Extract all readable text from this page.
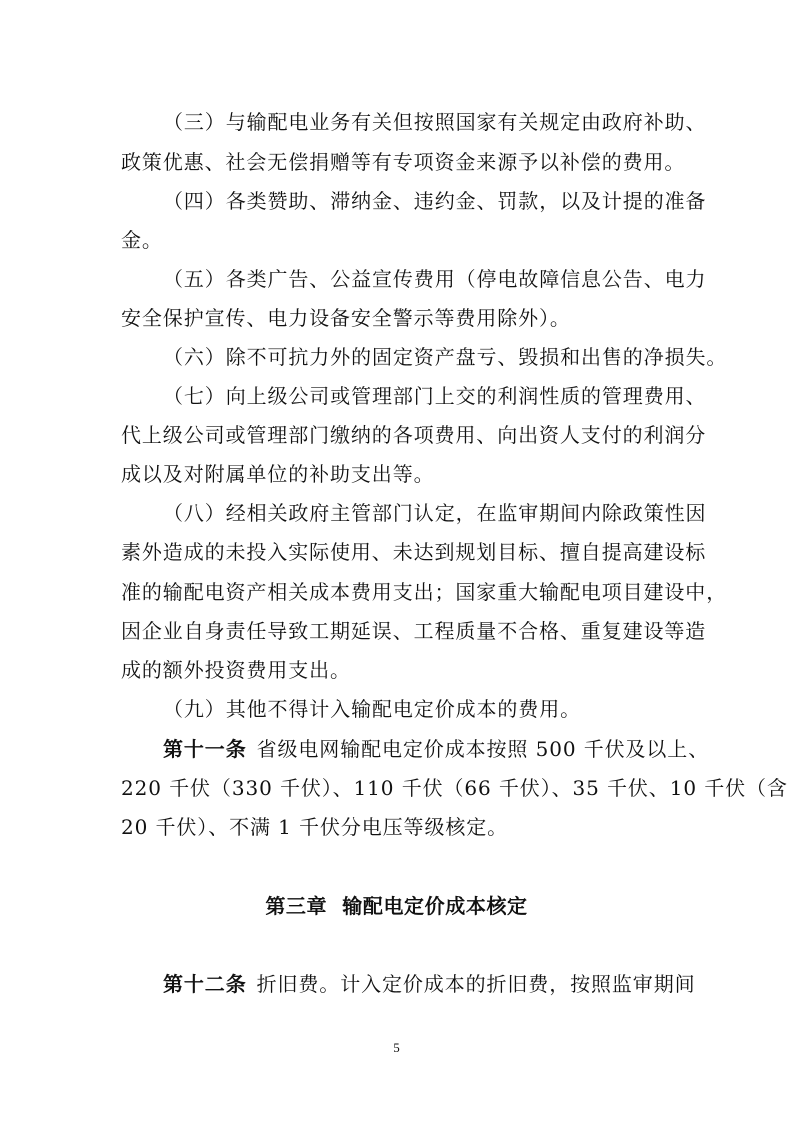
（三）与输配电业务有关但按照国家有关规定由政府补助、
政策优惠、社会无偿捐赠等有专项资金来源予以补偿的费用。
（四）各类赞助、滞纳金、违约金、罚款，以及计提的准备
金。
（五）各类广告、公益宣传费用（停电故障信息公告、电力
安全保护宣传、电力设备安全警示等费用除外）。
（六）除不可抗力外的固定资产盘亏、毁损和出售的净损失。
（七）向上级公司或管理部门上交的利润性质的管理费用、
代上级公司或管理部门缴纳的各项费用、向出资人支付的利润分
成以及对附属单位的补助支出等。
（八）经相关政府主管部门认定，在监审期间内除政策性因
素外造成的未投入实际使用、未达到规划目标、擅自提高建设标
准的输配电资产相关成本费用支出；国家重大输配电项目建设中，
因企业自身责任导致工期延误、工程质量不合格、重复建设等造
成的额外投资费用支出。
（九）其他不得计入输配电定价成本的费用。
第十一条 省级电网输配电定价成本按照 500 千伏及以上、
220 千伏（330 千伏）、110 千伏（66 千伏）、35 千伏、10 千伏（含
20 千伏）、不满 1 千伏分电压等级核定。
第三章  输配电定价成本核定
第十二条 折旧费。计入定价成本的折旧费，按照监审期间
5
